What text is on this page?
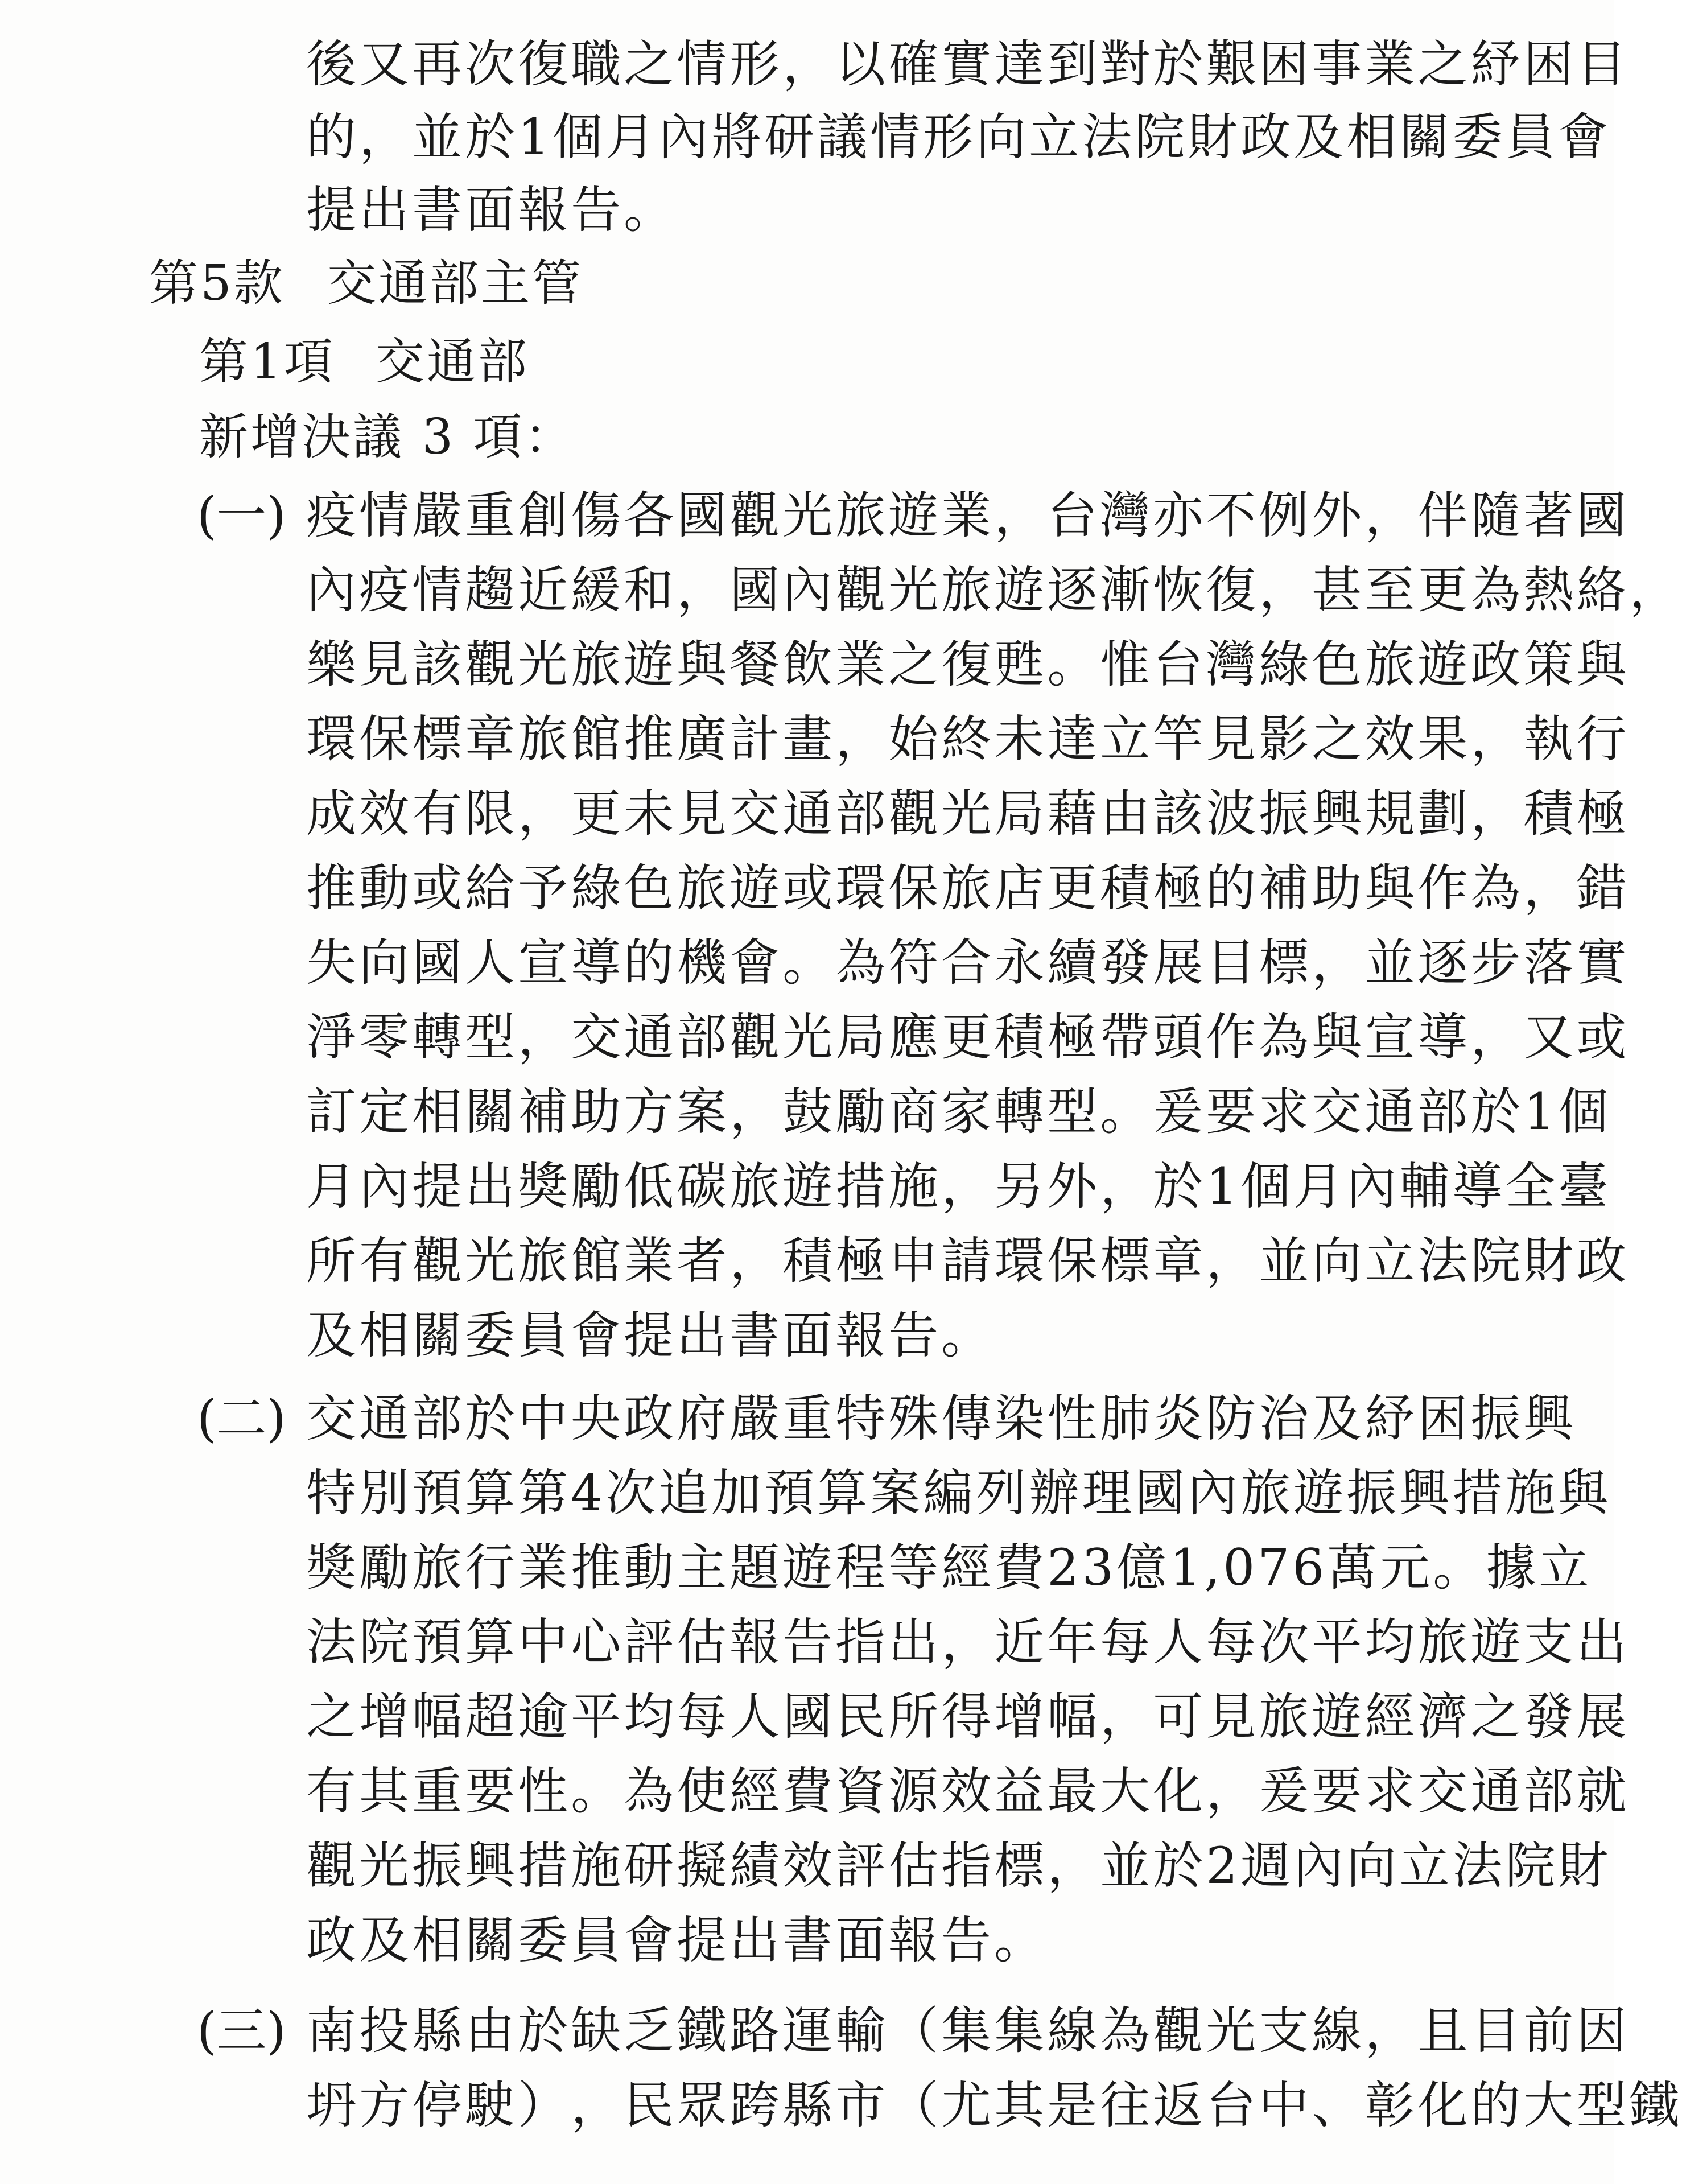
後 又 再 次 復 職 之 情 形 ， 以 確 實 達 到 對 於 艱 困 事 業 之 紓 困 目
的 ， 並 於 1 個 月 內 將 研 議 情 形 向 立 法 院 財 政 及 相 關 委 員 會
提出書面報告。
第5款 交通部主管
第1項 交通部
新增決議 3 項：
(一) 疫 情 嚴 重 創 傷 各 國 觀 光 旅 遊 業 ， 台 灣 亦 不 例 外 ， 伴 隨 著 國
內 疫 情 趨 近 緩 和 ， 國 內 觀 光 旅 遊 逐 漸 恢 復 ， 甚 至 更 為 熱 絡 ，
樂 見 該 觀 光 旅 遊 與 餐 飲 業 之 復 甦 。 惟 台 灣 綠 色 旅 遊 政 策 與
環 保 標 章 旅 館 推 廣 計 畫 ， 始 終 未 達 立 竿 見 影 之 效 果 ， 執 行
成 效 有 限 ， 更 未 見 交 通 部 觀 光 局 藉 由 該 波 振 興 規 劃 ， 積 極
推 動 或 給 予 綠 色 旅 遊 或 環 保 旅 店 更 積 極 的 補 助 與 作 為 ， 錯
失 向 國 人 宣 導 的 機 會 。 為 符 合 永 續 發 展 目 標 ， 並 逐 步 落 實
淨 零 轉 型 ， 交 通 部 觀 光 局 應 更 積 極 帶 頭 作 為 與 宣 導 ， 又 或
訂 定 相 關 補 助 方 案 ， 鼓 勵 商 家 轉 型 。 爰 要 求 交 通 部 於 1 個
月 內 提 出 獎 勵 低 碳 旅 遊 措 施 ， 另 外 ， 於 1 個 月 內 輔 導 全 臺
所 有 觀 光 旅 館 業 者 ， 積 極 申 請 環 保 標 章 ， 並 向 立 法 院 財 政
及相關委員會提出書面報告。
(二) 交 通 部 於 中 央 政 府 嚴 重 特 殊 傳 染 性 肺 炎 防 治 及 紓 困 振 興
特 別 預 算 第 4 次 追 加 預 算 案 編 列 辦 理 國 內 旅 遊 振 興 措 施 與
獎 勵 旅 行 業 推 動 主 題 遊 程 等 經 費 2 3 億 1 , 0 7 6 萬 元 。 據 立
法 院 預 算 中 心 評 估 報 告 指 出 ， 近 年 每 人 每 次 平 均 旅 遊 支 出
之 增 幅 超 逾 平 均 每 人 國 民 所 得 增 幅 ， 可 見 旅 遊 經 濟 之 發 展
有 其 重 要 性 。 為 使 經 費 資 源 效 益 最 大 化 ， 爰 要 求 交 通 部 就
觀 光 振 興 措 施 研 擬 績 效 評 估 指 標 ， 並 於 2 週 內 向 立 法 院 財
政及相關委員會提出書面報告。
(三) 南 投 縣 由 於 缺 乏 鐵 路 運 輸 （ 集 集 線 為 觀 光 支 線 ， 且 目 前 因
坍 方 停 駛 ） ， 民 眾 跨 縣 市 （ 尤 其 是 往 返 台 中 、 彰 化 的 大 型 鐵
